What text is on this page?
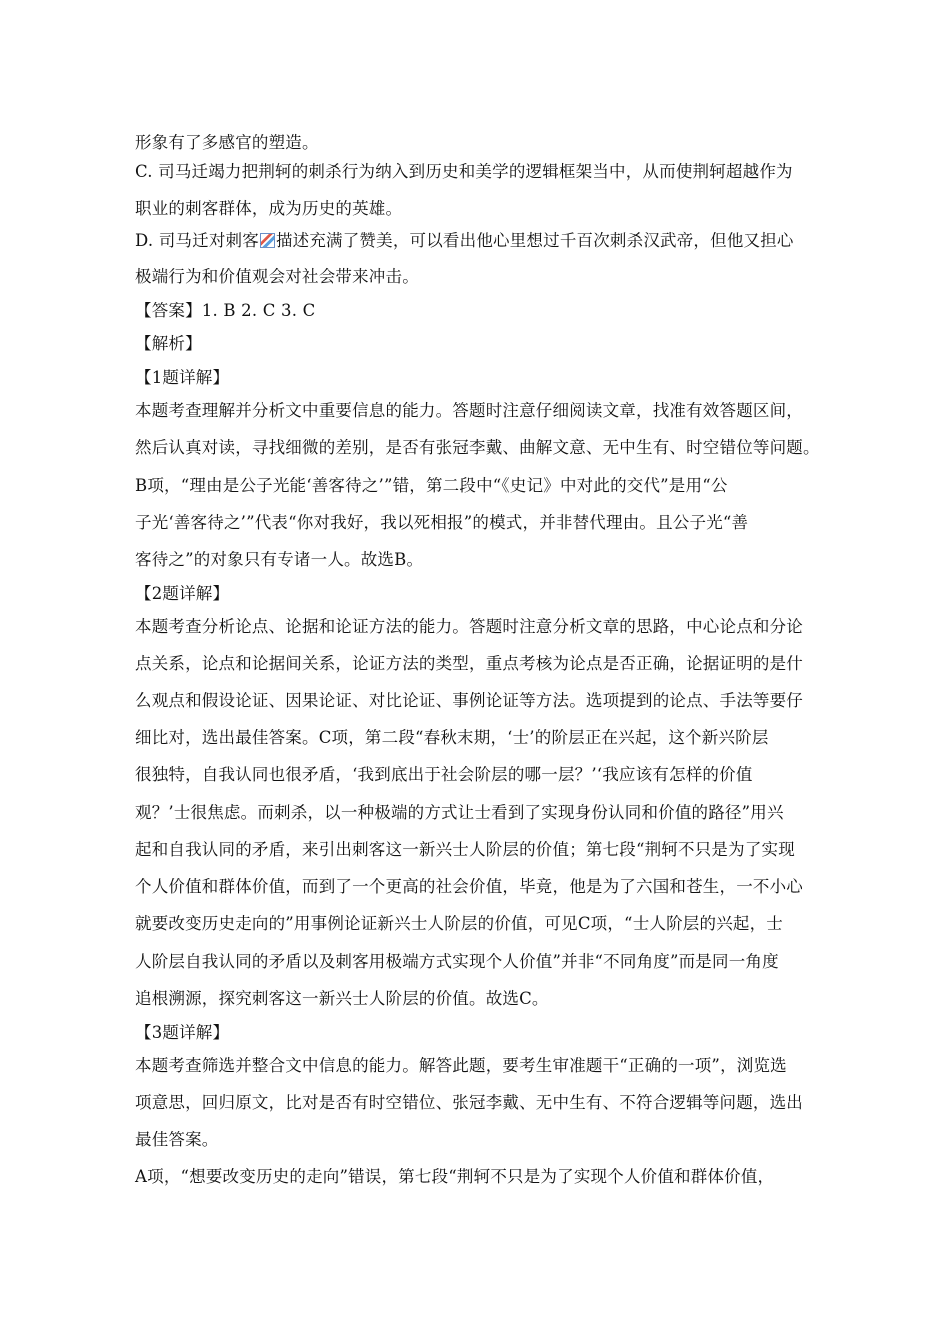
形象有了多感官的塑造。
C. 司马迁竭力把荆轲的刺杀行为纳入到历史和美学的逻辑框架当中，从而使荆轲超越作为
职业的刺客群体，成为历史的英雄。
D. 司马迁对刺客 描述充满了赞美，可以看出他心里想过千百次刺杀汉武帝，但他又担心
极端行为和价值观会对社会带来冲击。
【答案】1. B 2. C 3. C
【解析】
【1题详解】
本题考查理解并分析文中重要信息的能力。答题时注意仔细阅读文章，找准有效答题区间，
然后认真对读，寻找细微的差别，是否有张冠李戴、曲解文意、无中生有、时空错位等问题。
B项，“理由是公子光能‘善客待之’”错，第二段中“《史记》中对此的交代”是用“公
子光‘善客待之’”代表“你对我好，我以死相报”的模式，并非替代理由。且公子光“善
客待之”的对象只有专诸一人。故选B。
【2题详解】
本题考查分析论点、论据和论证方法的能力。答题时注意分析文章的思路，中心论点和分论
点关系，论点和论据间关系，论证方法的类型，重点考核为论点是否正确，论据证明的是什
么观点和假设论证、因果论证、对比论证、事例论证等方法。选项提到的论点、手法等要仔
细比对，选出最佳答案。C项，第二段“春秋末期，‘士’的阶层正在兴起，这个新兴阶层
很独特，自我认同也很矛盾，‘我到底出于社会阶层的哪一层？’‘我应该有怎样的价值
观？’士很焦虑。而刺杀，以一种极端的方式让士看到了实现身份认同和价值的路径”用兴
起和自我认同的矛盾，来引出刺客这一新兴士人阶层的价值；第七段“荆轲不只是为了实现
个人价值和群体价值，而到了一个更高的社会价值，毕竟，他是为了六国和苍生，一不小心
就要改变历史走向的”用事例论证新兴士人阶层的价值，可见C项，“士人阶层的兴起，士
人阶层自我认同的矛盾以及刺客用极端方式实现个人价值”并非“不同角度”而是同一角度
追根溯源，探究刺客这一新兴士人阶层的价值。故选C。
【3题详解】
本题考查筛选并整合文中信息的能力。解答此题，要考生审准题干“正确的一项”，浏览选
项意思，回归原文，比对是否有时空错位、张冠李戴、无中生有、不符合逻辑等问题，选出
最佳答案。
A项，“想要改变历史的走向”错误，第七段“荆轲不只是为了实现个人价值和群体价值，
